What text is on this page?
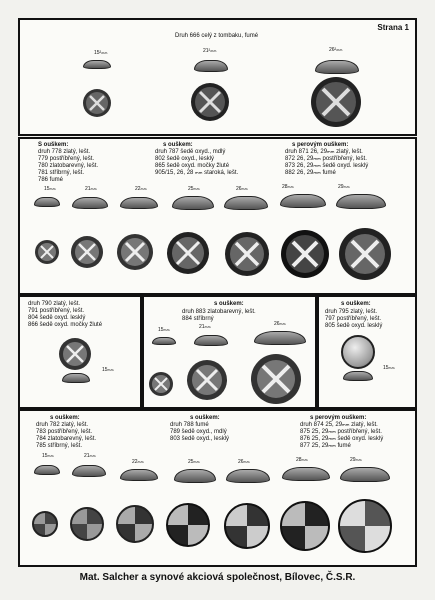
Strana 1
Druh 666 celý z tombaku, fumé
15²ₘₘ	21²ₘₘ	26²ₘₘ
S ouškem:
druh 778 zlatý, lešt.
779 postříbřený, lešt.
780 zlatobarevný, lešt.
781 stříbrný, lešt.
786 fumé
s ouškem:
druh 787 šedě oxyd., mdlý
802 šedě oxyd., lesklý
865 šedě oxyd. močky žluté
905/15, 26, 28 ₘₘ staroká, lešt.
s perovým ouškem:
druh 871 26, 29ₘₘ zlatý, lešt.
872 26, 29ₘₘ postříbřený, lešt.
873 26, 29ₘₘ šedě oxyd. lesklý
882 26, 29ₘₘ fumé
15ₘₘ	21ₘₘ	22ₘₘ	25ₘₘ	26ₘₘ	28ₘₘ	29ₘₘ
druh 790 zlatý, lešt.
791 postříbřený, lešt.
804 šedě oxyd. lesklý
866 šedě oxyd. močky žluté
15ₘₘ
s ouškem:
druh 883 zlatobarevný, lešt.
884 stříbrný
15ₘₘ	21ₘₘ	26ₘₘ
s ouškem:
druh 795 zlatý, lešt.
797 postříbřený, lešt.
805 šedě oxyd. lesklý
15ₘₘ
s ouškem:
druh 782 zlatý, lešt.
783 postříbřený, lešt.
784 zlatobarevný, lešt.
785 stříbrný, lešt.
s ouškem:
druh 788 fumé
789 šedě oxyd., mdlý
803 šedě oxyd., lesklý
s perovým ouškem:
druh 874 25, 29ₘₘ zlatý, lešt.
875 25, 29ₘₘ postříbřený, lešt.
876 25, 29ₘₘ šedě oxyd. lesklý
877 25, 29ₘₘ fumé
15ₘₘ	21ₘₘ
22ₘₘ	25ₘₘ	26ₘₘ	28ₘₘ	29ₘₘ
Mat. Salcher a synové akciová společnost, Bílovec, Č.S.R.
